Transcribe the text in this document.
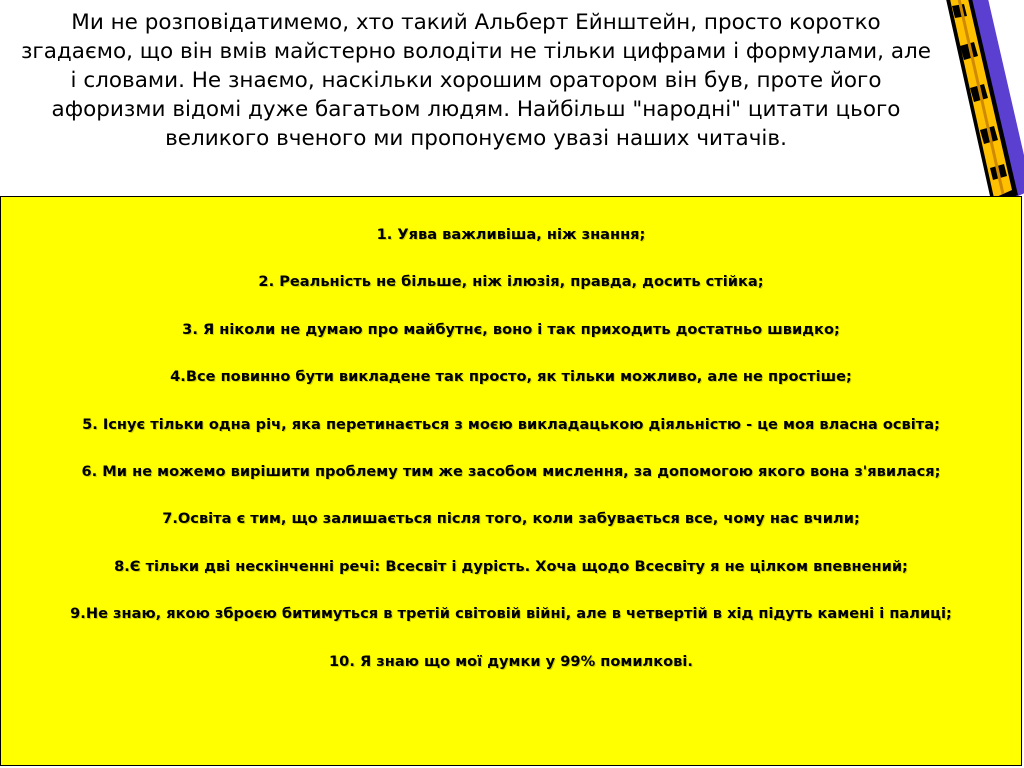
Ми не розповідатимемо, хто такий Альберт Ейнштейн, просто коротко згадаємо, що він вмів майстерно володіти не тільки цифрами і формулами, але і словами. Не знаємо, наскільки хорошим оратором він був, проте його афоризми відомі дуже багатьом людям. Найбільш "народні" цитати цього великого вченого ми пропонуємо увазі наших читачів.

1. Уява важливіша, ніж знання;
2. Реальність не більше, ніж ілюзія, правда, досить стійка;
3. Я ніколи не думаю про майбутнє, воно і так приходить достатньо швидко;
4.Все повинно бути викладене так просто, як тільки можливо, але не простіше;
5. Існує тільки одна річ, яка перетинається з моєю викладацькою діяльністю - це моя власна освіта;
6. Ми не можемо вирішити проблему тим же засобом мислення, за допомогою якого вона з'явилася;
7.Освіта є тим, що залишається після того, коли забувається все, чому нас вчили;
8.Є тільки дві нескінченні речі: Всесвіт і дурість. Хоча щодо Всесвіту я не цілком впевнений;
9.Не знаю, якою зброєю битимуться в третій світовій війні, але в четвертій в хід підуть камені і палиці;
10. Я знаю що мої думки у 99% помилкові.
